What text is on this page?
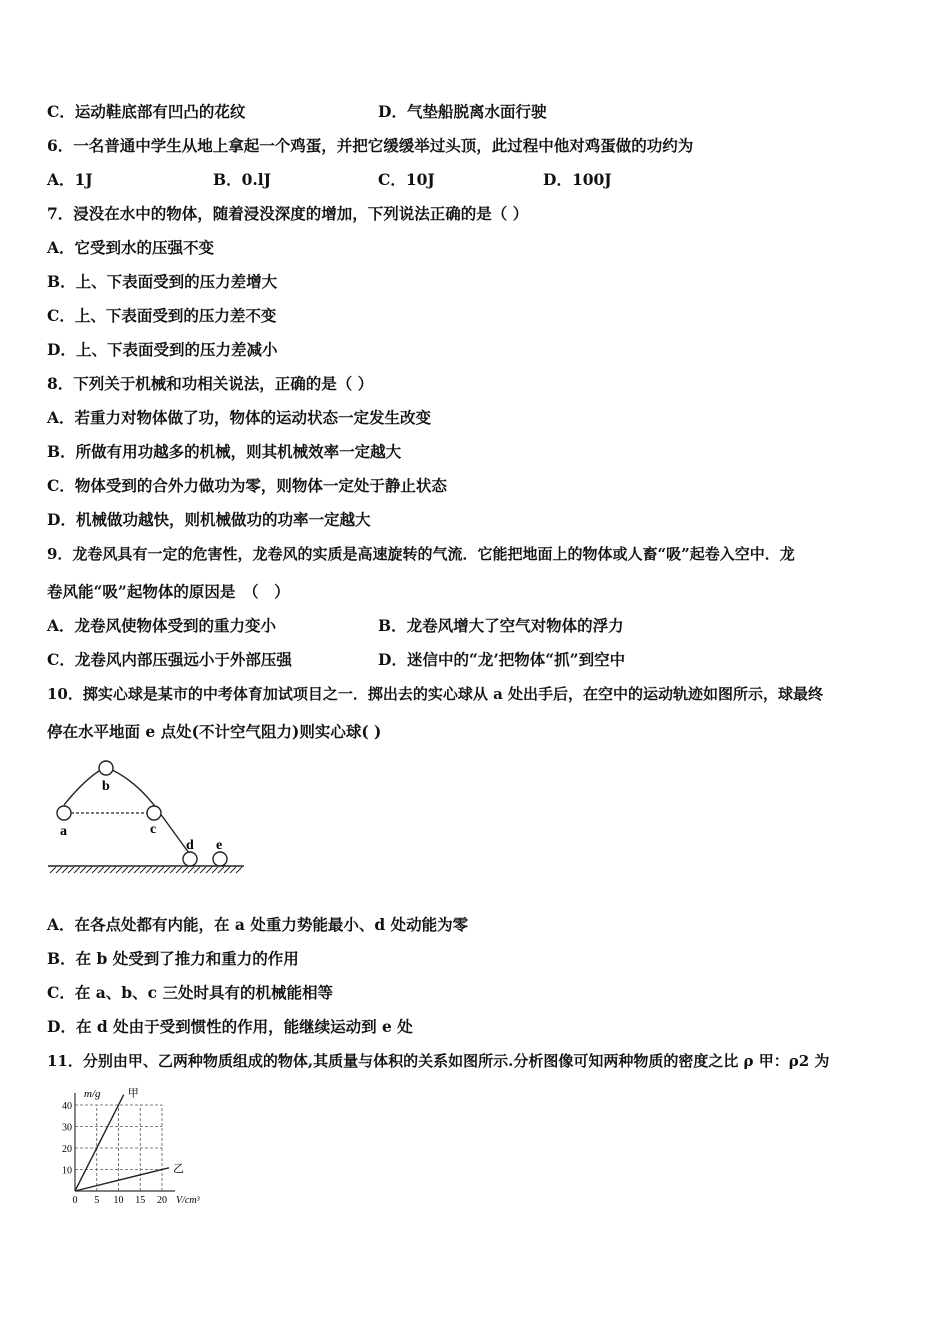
C．运动鞋底部有凹凸的花纹	D．气垫船脱离水面行驶
6．一名普通中学生从地上拿起一个鸡蛋，并把它缓缓举过头顶，此过程中他对鸡蛋做的功约为
A．1J	B．0.lJ	C．10J	D．100J
7．浸没在水中的物体，随着浸没深度的增加，下列说法正确的是（ ）
A．它受到水的压强不变
B．上、下表面受到的压力差增大
C．上、下表面受到的压力差不变
D．上、下表面受到的压力差减小
8．下列关于机械和功相关说法，正确的是（ ）
A．若重力对物体做了功，物体的运动状态一定发生改变
B．所做有用功越多的机械，则其机械效率一定越大
C．物体受到的合外力做功为零，则物体一定处于静止状态
D．机械做功越快，则机械做功的功率一定越大
9．龙卷风具有一定的危害性，龙卷风的实质是高速旋转的气流．它能把地面上的物体或人畜“吸”起卷入空中．龙
卷风能“吸”起物体的原因是　（　）
A．龙卷风使物体受到的重力变小	B．龙卷风增大了空气对物体的浮力
C．龙卷风内部压强远小于外部压强	D．迷信中的“龙’把物体“抓”到空中
10．掷实心球是某市的中考体育加试项目之一．掷出去的实心球从 a 处出手后，在空中的运动轨迹如图所示，球最终
停在水平地面 e 点处(不计空气阻力)则实心球( )
a
b
c
d e
A．在各点处都有内能，在 a 处重力势能最小、d 处动能为零
B．在 b 处受到了推力和重力的作用
C．在 a、b、c 三处时具有的机械能相等
D．在 d 处由于受到惯性的作用，能继续运动到 e 处
11．分别由甲、乙两种物质组成的物体,其质量与体积的关系如图所示.分析图像可知两种物质的密度之比 ρ 甲：ρ2 为
m/g
V/cm³
10
20
30
40
0 5 10 15 20
甲
乙
